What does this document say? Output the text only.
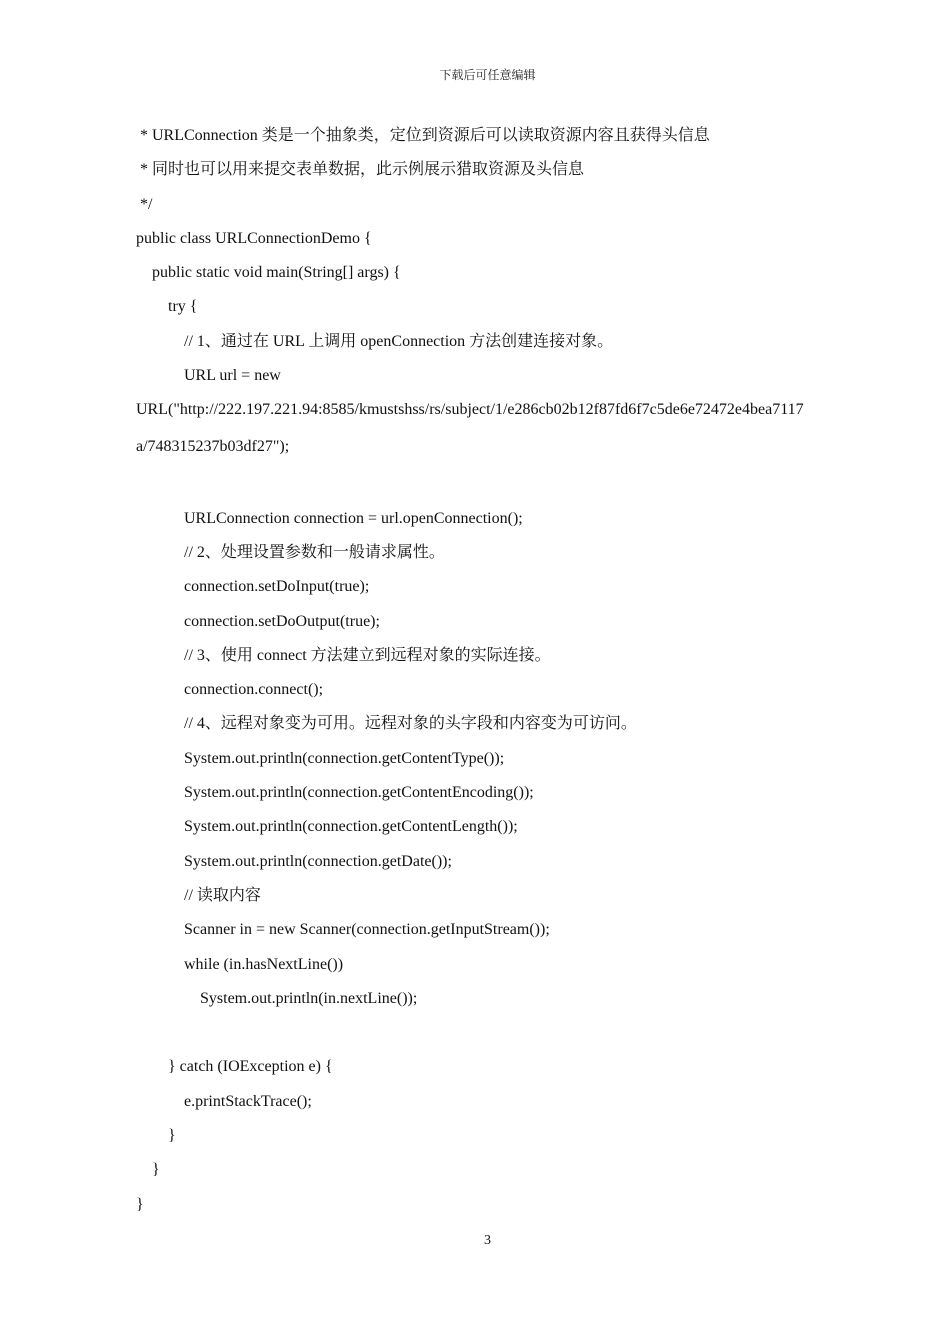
下载后可任意编辑
* URLConnection 类是一个抽象类，定位到资源后可以读取资源内容且获得头信息
* 同时也可以用来提交表单数据，此示例展示猎取资源及头信息
*/
public class URLConnectionDemo {
public static void main(String[] args) {
try {
// 1、通过在 URL 上调用 openConnection 方法创建连接对象。
URL url = new
URL("http://222.197.221.94:8585/kmustshss/rs/subject/1/e286cb02b12f87fd6f7c5de6e72472e4bea7117
a/748315237b03df27");
URLConnection connection = url.openConnection();
// 2、处理设置参数和一般请求属性。
connection.setDoInput(true);
connection.setDoOutput(true);
// 3、使用 connect 方法建立到远程对象的实际连接。
connection.connect();
// 4、远程对象变为可用。远程对象的头字段和内容变为可访问。
System.out.println(connection.getContentType());
System.out.println(connection.getContentEncoding());
System.out.println(connection.getContentLength());
System.out.println(connection.getDate());
// 读取内容
Scanner in = new Scanner(connection.getInputStream());
while (in.hasNextLine())
System.out.println(in.nextLine());
} catch (IOException e) {
e.printStackTrace();
}
}
}
3
